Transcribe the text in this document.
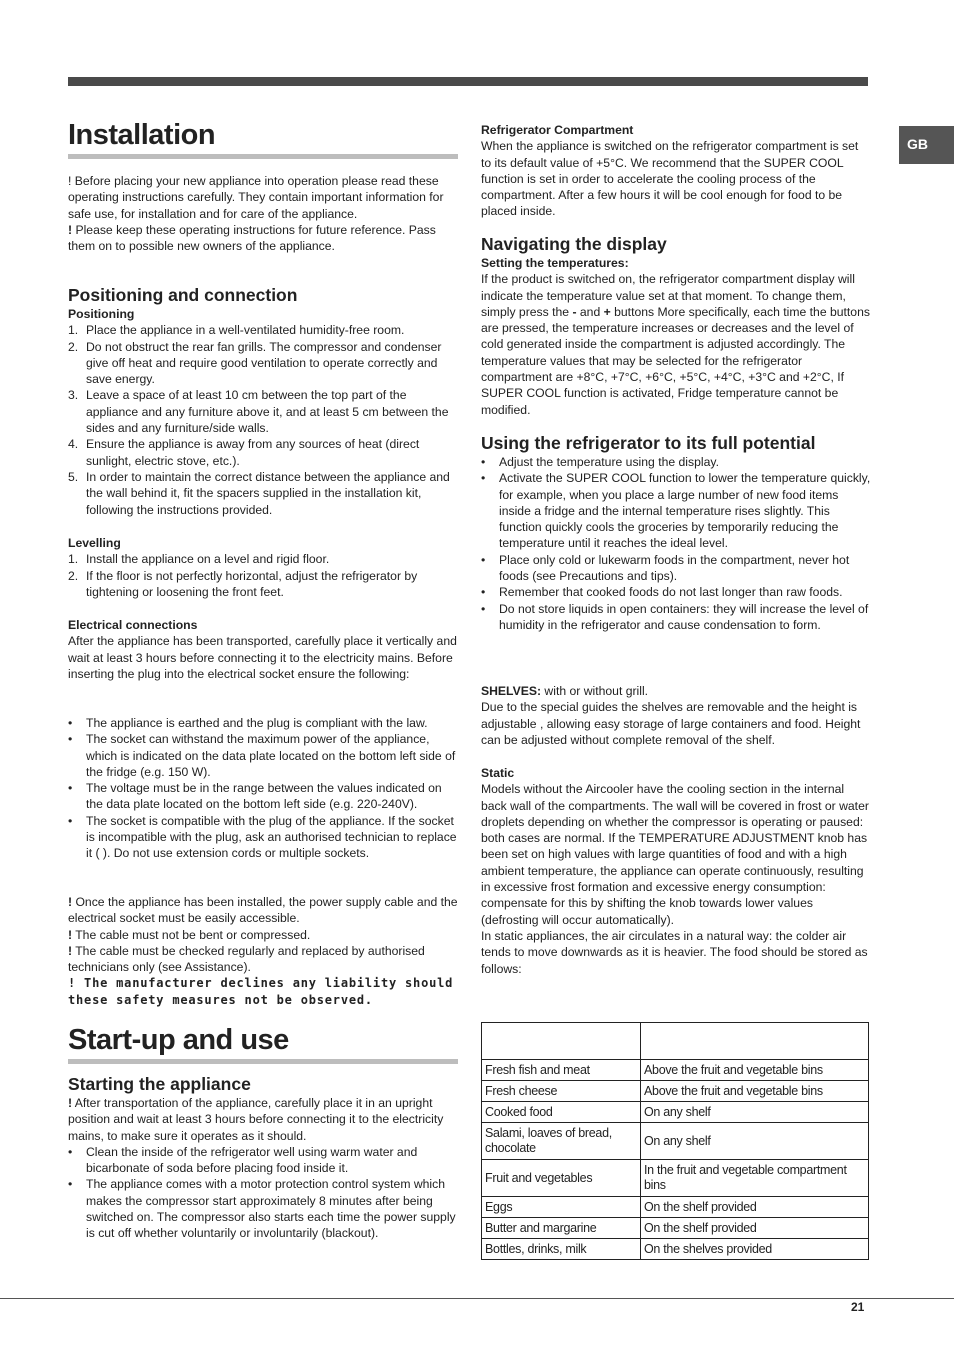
GB
Installation

! Before placing your new appliance into operation please read these operating instructions carefully. They contain important information for safe use, for installation and for care of the appliance.

! Please keep these operating instructions for future reference. Pass them on to possible new owners of the appliance.

Positioning and connection
Positioning
1. Place the appliance in a well-ventilated humidity-free room.
2. Do not obstruct the rear fan grills. The compressor and condenser give off heat and require good ventilation to operate correctly and save energy.
3. Leave a space of at least 10 cm between the top part of the appliance and any furniture above it, and at least 5 cm between the sides and any furniture/side walls.
4. Ensure the appliance is away from any sources of heat (direct sunlight, electric stove, etc.).
5. In order to maintain the correct distance between the appliance and the wall behind it, fit the spacers supplied in the installation kit, following the instructions provided.
Levelling
1. Install the appliance on a level and rigid floor.
2. If the floor is not perfectly horizontal, adjust the refrigerator by tightening or loosening the front feet.
Electrical connections

After the appliance has been transported, carefully place it vertically and wait at least 3 hours before connecting it to the electricity mains. Before inserting the plug into the electrical socket ensure the following:

• The appliance is earthed and the plug is compliant with the law.
• The socket can withstand the maximum power of the appliance, which is indicated on the data plate located on the bottom left side of the fridge (e.g. 150 W).
• The voltage must be in the range between the values indicated on the data plate located on the bottom left side (e.g. 220-240V).
• The socket is compatible with the plug of the appliance. If the socket is incompatible with the plug, ask an authorised technician to replace it ( ). Do not use extension cords or multiple sockets.

! Once the appliance has been installed, the power supply cable and the electrical socket must be easily accessible.

! The cable must not be bent or compressed.

! The cable must be checked regularly and replaced by authorised technicians only (see Assistance).

! The manufacturer declines any liability should these safety measures not be observed.

Start-up and use
Starting the appliance

! After transportation of the appliance, carefully place it in an upright position and wait at least 3 hours before connecting it to the electricity mains, to make sure it operates as it should.

• Clean the inside of the refrigerator well using warm water and bicarbonate of soda before placing food inside it.
• The appliance comes with a motor protection control system which makes the compressor start approximately 8 minutes after being switched on. The compressor also starts each time the power supply is cut off whether voluntarily or involuntarily (blackout).
Refrigerator Compartment

When the appliance is switched on the refrigerator compartment is set to its default value of +5°C. We recommend that the SUPER COOL function is set in order to accelerate the cooling process of the compartment. After a few hours it will be cool enough for food to be placed inside.

Navigating the display
Setting the temperatures:

If the product is switched on, the refrigerator compartment display will indicate the temperature value set at that moment. To change them, simply press the - and + buttons More specifically, each time the buttons are pressed, the temperature increases or decreases and the level of cold generated inside the compartment is adjusted accordingly. The temperature values that may be selected for the refrigerator compartment are +8°C, +7°C, +6°C, +5°C, +4°C, +3°C and +2°C, If SUPER COOL function is activated, Fridge temperature cannot be modified.

Using the refrigerator to its full potential
• Adjust the temperature using the display.
• Activate the SUPER COOL function to lower the temperature quickly, for example, when you place a large number of new food items inside a fridge and the internal temperature rises slightly. This function quickly cools the groceries by temporarily reducing the temperature until it reaches the ideal level.
• Place only cold or lukewarm foods in the compartment, never hot foods (see Precautions and tips).
• Remember that cooked foods do not last longer than raw foods.
• Do not store liquids in open containers: they will increase the level of humidity in the refrigerator and cause condensation to form.

SHELVES: with or without grill.

Due to the special guides the shelves are removable and the height is adjustable , allowing easy storage of large containers and food. Height can be adjusted without complete removal of the shelf.

Static

Models without the Aircooler have the cooling section in the internal back wall of the compartments. The wall will be covered in frost or water droplets depending on whether the compressor is operating or paused: both cases are normal. If the TEMPERATURE ADJUSTMENT knob has been set on high values with large quantities of food and with a high ambient temperature, the appliance can operate continuously, resulting in excessive frost formation and excessive energy consumption: compensate for this by shifting the knob towards lower values (defrosting will occur automatically).

In static appliances, the air circulates in a natural way: the colder air tends to move downwards as it is heavier. The food should be stored as follows:

Fresh fish and meat	Above the fruit and vegetable bins
Fresh cheese	Above the fruit and vegetable bins
Cooked food	On any shelf
Salami, loaves of bread, chocolate	On any shelf
Fruit and vegetables	In the fruit and vegetable compartment bins
Eggs	On the shelf provided
Butter and margarine	On the shelf provided
Bottles, drinks, milk	On the shelves provided
21
